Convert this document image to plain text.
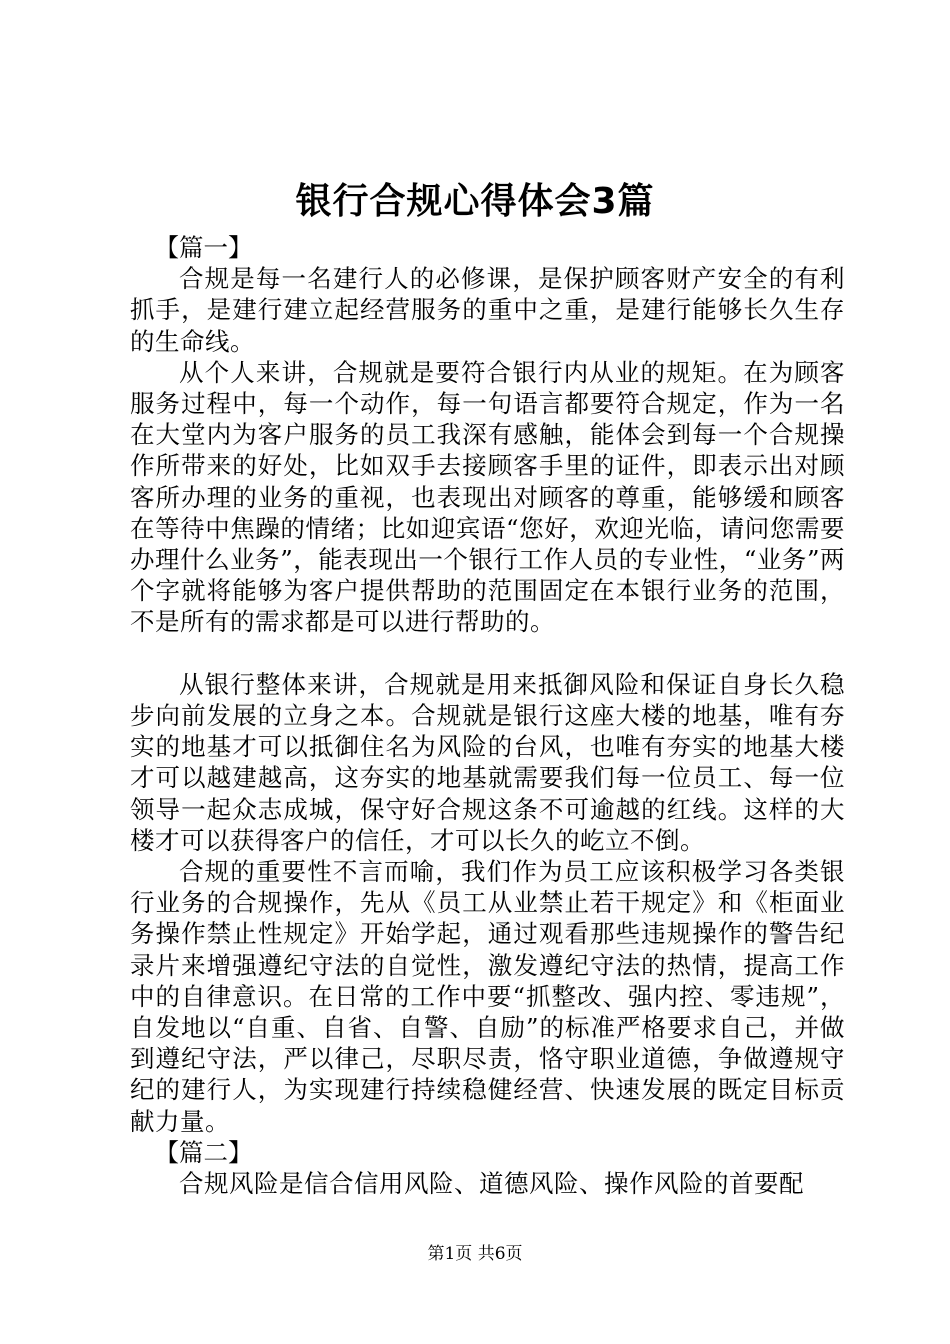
银行合规心得体会3篇

【篇一】

合规是每一名建行人的必修课，是保护顾客财产安全的有利抓手，是建行建立起经营服务的重中之重，是建行能够长久生存的生命线。

从个人来讲，合规就是要符合银行内从业的规矩。在为顾客服务过程中，每一个动作，每一句语言都要符合规定，作为一名在大堂内为客户服务的员工我深有感触，能体会到每一个合规操作所带来的好处，比如双手去接顾客手里的证件，即表示出对顾客所办理的业务的重视，也表现出对顾客的尊重，能够缓和顾客在等待中焦躁的情绪；比如迎宾语“您好，欢迎光临，请问您需要办理什么业务”，能表现出一个银行工作人员的专业性，“业务”两个字就将能够为客户提供帮助的范围固定在本银行业务的范围，不是所有的需求都是可以进行帮助的。

从银行整体来讲，合规就是用来抵御风险和保证自身长久稳步向前发展的立身之本。合规就是银行这座大楼的地基，唯有夯实的地基才可以抵御住名为风险的台风，也唯有夯实的地基大楼才可以越建越高，这夯实的地基就需要我们每一位员工、每一位领导一起众志成城，保守好合规这条不可逾越的红线。这样的大楼才可以获得客户的信任，才可以长久的屹立不倒。

合规的重要性不言而喻，我们作为员工应该积极学习各类银行业务的合规操作，先从《员工从业禁止若干规定》和《柜面业务操作禁止性规定》开始学起，通过观看那些违规操作的警告纪录片来增强遵纪守法的自觉性，激发遵纪守法的热情，提高工作中的自律意识。在日常的工作中要“抓整改、强内控、零违规”，自发地以“自重、自省、自警、自励”的标准严格要求自己，并做到遵纪守法，严以律己，尽职尽责，恪守职业道德，争做遵规守纪的建行人，为实现建行持续稳健经营、快速发展的既定目标贡献力量。

【篇二】

合规风险是信合信用风险、道德风险、操作风险的首要配

第1页 共6页
